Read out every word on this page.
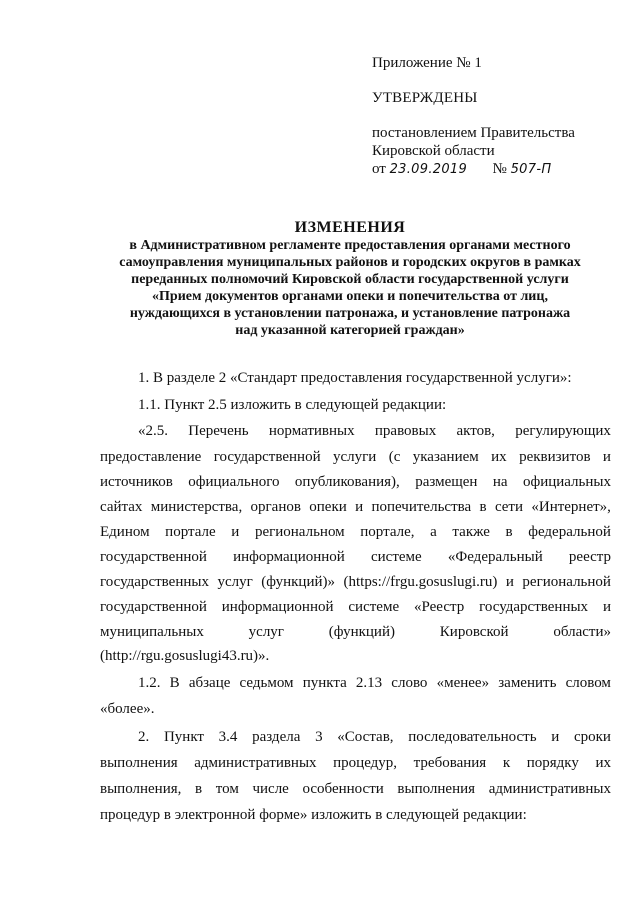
Приложение № 1
УТВЕРЖДЕНЫ
постановлением Правительства
Кировской области
от 23.09.2019 № 507-П
ИЗМЕНЕНИЯ
в Административном регламенте предоставления органами местного
самоуправления муниципальных районов и городских округов в рамках
переданных полномочий Кировской области государственной услуги
«Прием документов органами опеки и попечительства от лиц,
нуждающихся в установлении патронажа, и установление патронажа
над указанной категорией граждан»
1. В разделе 2 «Стандарт предоставления государственной услуги»:
1.1. Пункт 2.5 изложить в следующей редакции:
«2.5. Перечень нормативных правовых актов, регулирующих
предоставление государственной услуги (с указанием их реквизитов и
источников официального опубликования), размещен на официальных
сайтах министерства, органов опеки и попечительства в сети «Интернет»,
Едином портале и региональном портале, а также в федеральной
государственной информационной системе «Федеральный реестр
государственных услуг (функций)» (https://frgu.gosuslugi.ru) и региональной
государственной информационной системе «Реестр государственных и
муниципальных	услуг	(функций)	Кировской	области»
(http://rgu.gosuslugi43.ru)».
1.2. В абзаце седьмом пункта 2.13 слово «менее» заменить словом
«более».
2. Пункт 3.4 раздела 3 «Состав, последовательность и сроки
выполнения административных процедур, требования к порядку их
выполнения, в том числе особенности выполнения административных
процедур в электронной форме» изложить в следующей редакции:
